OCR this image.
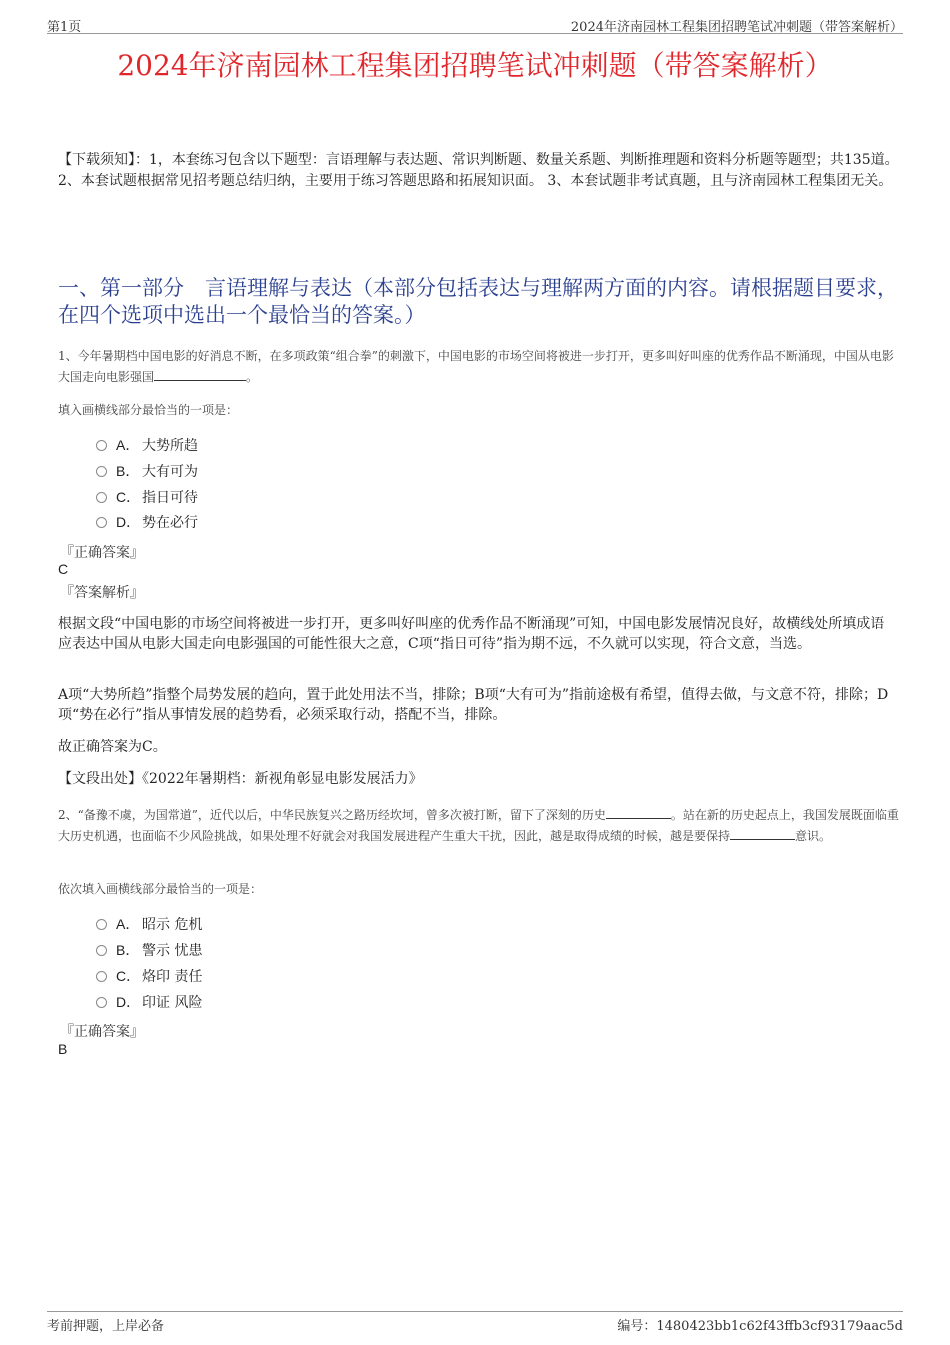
第1页	2024年济南园林工程集团招聘笔试冲刺题（带答案解析）
2024年济南园林工程集团招聘笔试冲刺题（带答案解析）
【下载须知】：1，本套练习包含以下题型：言语理解与表达题、常识判断题、数量关系题、判断推理题和资料分析题等题型；共135道。 2、本套试题根据常见招考题总结归纳，主要用于练习答题思路和拓展知识面。 3、本套试题非考试真题，且与济南园林工程集团无关。
一、第一部分　言语理解与表达（本部分包括表达与理解两方面的内容。请根据题目要求，在四个选项中选出一个最恰当的答案。）
1、今年暑期档中国电影的好消息不断，在多项政策“组合拳”的刺激下，中国电影的市场空间将被进一步打开，更多叫好叫座的优秀作品不断涌现，中国从电影大国走向电影强国	。
填入画横线部分最恰当的一项是：
A． 大势所趋
B． 大有可为
C． 指日可待
D． 势在必行
『正确答案』
C
『答案解析』
根据文段“中国电影的市场空间将被进一步打开，更多叫好叫座的优秀作品不断涌现”可知，中国电影发展情况良好，故横线处所填成语应表达中国从电影大国走向电影强国的可能性很大之意，C项“指日可待”指为期不远，不久就可以实现，符合文意，当选。
A项“大势所趋”指整个局势发展的趋向，置于此处用法不当，排除；B项“大有可为”指前途极有希望，值得去做，与文意不符，排除；D项“势在必行”指从事情发展的趋势看，必须采取行动，搭配不当，排除。
故正确答案为C。
【文段出处】《2022年暑期档：新视角彰显电影发展活力》
2、“备豫不虞，为国常道”，近代以后，中华民族复兴之路历经坎坷，曾多次被打断，留下了深刻的历史	。站在新的历史起点上，我国发展既面临重大历史机遇，也面临不少风险挑战，如果处理不好就会对我国发展进程产生重大干扰，因此，越是取得成绩的时候，越是要保持	意识。
依次填入画横线部分最恰当的一项是：
A． 昭示 危机
B． 警示 忧患
C． 烙印 责任
D． 印证 风险
『正确答案』
B
考前押题，上岸必备	编号：1480423bb1c62f43ffb3cf93179aac5d
